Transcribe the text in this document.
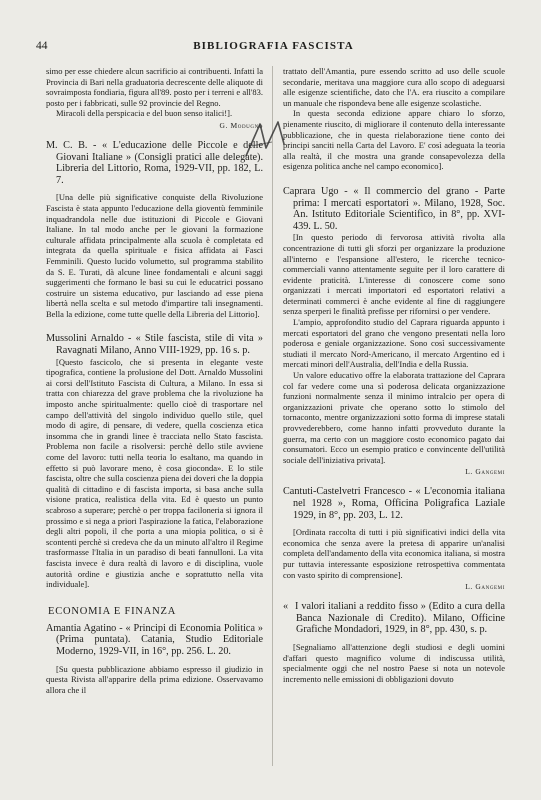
44	BIBLIOGRAFIA FASCISTA

simo per esse chiedere alcun sacrificio ai contribuenti. Infatti la Provincia di Bari nella graduatoria decrescente delle aliquote di sovraimposta fondiaria, figura all'89. posto per i terreni e all'83. posto per i fabbricati, sulle 92 provincie del Regno.

Miracoli della perspicacia e del buon senso italici!].

G. Modugno

M. C. B. - « L'educazione delle Piccole e delle Giovani Italiane » (Consigli pratici alle delegate). Libreria del Littorio, Roma, 1929-VII, pp. 182, L. 7.

[Una delle più significative conquiste della Rivoluzione Fascista è stata appunto l'educazione della gioventù femminile inquadrandola nelle due istituzioni di Piccole e Giovani Italiane. In tal modo anche per le giovani la formazione culturale affidata principalmente alla scuola è completata ed integrata da quella spirituale e fisica affidata ai Fasci Femminili. Questo lucido volumetto, sul programma stabilito da S. E. Turati, dà alcune linee fondamentali e alcuni saggi suggerimenti che formano le basi su cui le educatrici possano costruire un sistema educativo, pur lasciando ad esse piena libertà nella scelta e sul metodo d'impartire tali insegnamenti. Bella la edizione, come tutte quelle della Libreria del Littorio].

Mussolini Arnaldo - « Stile fascista, stile di vita » Ravagnati Milano, Anno VIII-1929, pp. 16 s. p.

[Questo fascicolo, che si presenta in elegante veste tipografica, contiene la prolusione del Dott. Arnaldo Mussolini ai corsi dell'Istituto Fascista di Cultura, a Milano. In essa si tratta con chiarezza del grave problema che la rivoluzione ha imposto anche spiritualmente: quello cioè di trasportare nel campo dell'attività del singolo individuo quello stile, quel modo di agire, di pensare, di vedere, quella coscienza etica insomma che in grandi linee è tracciata nello Stato fascista. Problema non facile a risolversi: perchè dello stile avviene come del lavoro: tutti nella teoria lo esaltano, ma quando in effetto si può lavorare meno, è cosa gioconda». E lo stile fascista, oltre che sulla coscienza piena dei doveri che la doppia qualità di cittadino e di fascista importa, si basa anche sulla visione pratica, realistica della vita. Ed è questo un punto scabroso a superare; perchè o per troppa faciloneria si ignora il prossimo e si nega a priori l'aspirazione la fatica, l'elaborazione degli altri popoli, il che porta a una miopia politica, o si è scontenti perchè si credeva che da un minuto all'altro il Regime trasformasse l'Italia in un paradiso di beati fannulloni. La vita fascista invece è dura realtà di lavoro e di disciplina, vuole autorità ordine e giustizia anche e soprattutto nella vita individuale].

ECONOMIA E FINANZA

Amantia Agatino - « Principi di Economia Politica » (Prima puntata). Catania, Studio Editoriale Moderno, 1929-VII, in 16°, pp. 256. L. 20.

[Su questa pubblicazione abbiamo espresso il giudizio in questa Rivista all'apparire della prima edizione. Osservavamo allora che il

trattato dell'Amantia, pure essendo scritto ad uso delle scuole secondarie, meritava una maggiore cura allo scopo di adeguarsi alle esigenze scientifiche, dato che l'A. era riuscito a compilare un manuale che rispondeva bene alle esigenze scolastiche.

In questa seconda edizione appare chiaro lo sforzo, pienamente riuscito, di migliorare il contenuto della interessante pubblicazione, che in questa rielaborazione tiene conto dei principi sanciti nella Carta del Lavoro. E' così adeguata la teoria alla realtà, il che mostra una grande consapevolezza della esigenza politica anche nel campo economico].

Caprara Ugo - « Il commercio del grano - Parte prima: I mercati esportatori ». Milano, 1928, Soc. An. Istituto Editoriale Scientifico, in 8°, pp. XVI-439. L. 50.

[In questo periodo di fervorosa attività rivolta alla concentrazione di tutti gli sforzi per organizzare la produzione all'interno e l'espansione all'estero, le ricerche tecnico-commerciali vanno attentamente seguite per il loro carattere di evidente praticità. L'interesse di conoscere come sono organizzati i mercati importatori ed esportatori relativi a determinati commerci è anche evidente al fine di raggiungere senza sperperi le finalità prefisse per rifornirsi o per vendere.

L'ampio, approfondito studio del Caprara riguarda appunto i mercati esportatori del grano che vengono presentati nella loro poderosa e geniale organizzazione. Sono così successivamente studiati il mercato Nord-Americano, il mercato Argentino ed i mercati minori dell'Australia, dell'India e della Russia.

Un valore educativo offre la elaborata trattazione del Caprara col far vedere come una sì poderosa delicata organizzazione funzioni normalmente senza il minimo intralcio per opera di organizzazioni private che operano sotto lo stimolo del tornaconto, mentre organizzazioni sotto forma di imprese statali provvederebbero, come hanno infatti provveduto durante la guerra, ma certo con un maggiore costo economico pagato dai consumatori. Ecco un esempio pratico e convincente dell'utilità sociale dell'iniziativa privata].

L. Gangemi

Cantuti-Castelvetri Francesco - « L'economia italiana nel 1928 », Roma, Officina Poligrafica Laziale 1929, in 8°, pp. 203, L. 12.

[Ordinata raccolta di tutti i più significativi indici della vita economica che senza avere la pretesa di apparire un'analisi completa dell'andamento della vita economica italiana, si mostra pur tuttavia interessante esposizione retrospettiva commentata con vasto spirito di comprensione].

L. Gangemi

« I valori italiani a reddito fisso » (Edito a cura della Banca Nazionale di Credito). Milano, Officine Grafiche Mondadori, 1929, in 8°, pp. 430, s. p.

[Segnaliamo all'attenzione degli studiosi e degli uomini d'affari questo magnifico volume di indiscussa utilità, specialmente oggi che nel nostro Paese si nota un notevole incremento nelle emissioni di obbligazioni dovuto
